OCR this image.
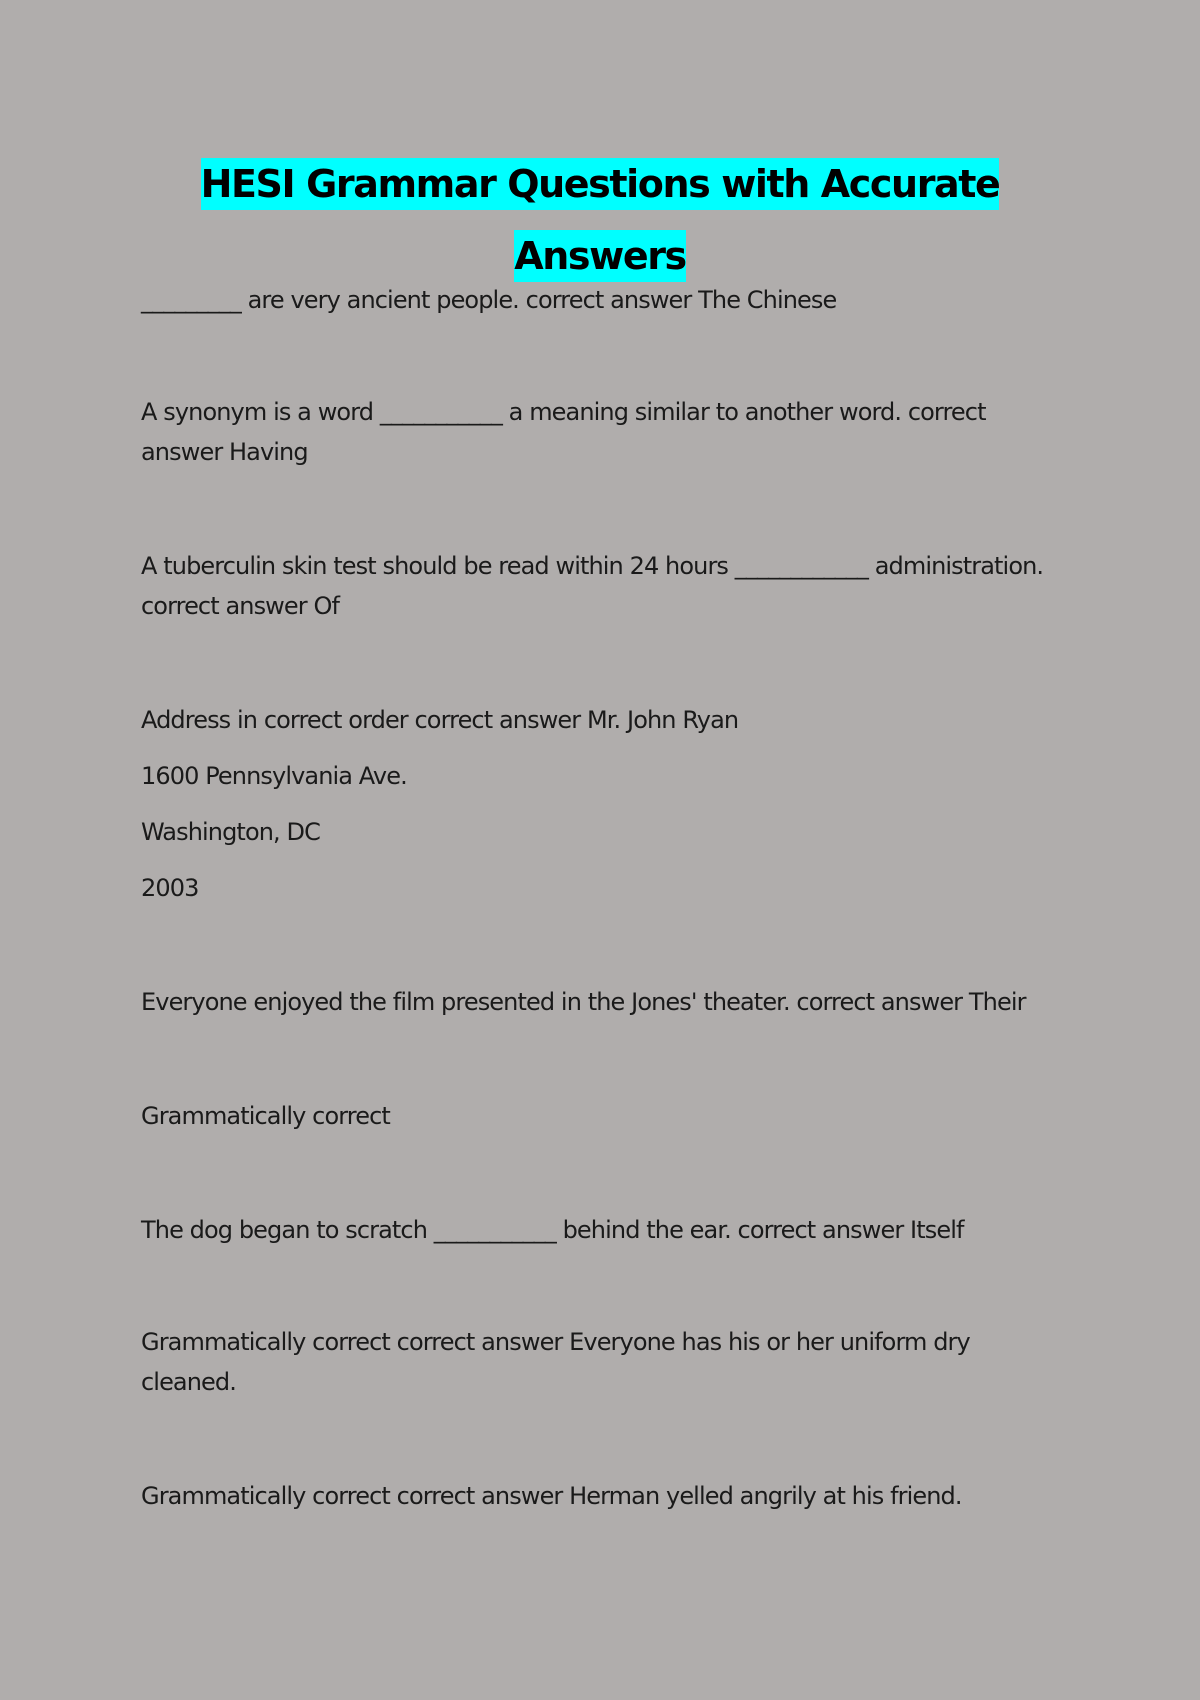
HESI Grammar Questions with Accurate Answers

_________ are very ancient people. correct answer The Chinese

A synonym is a word ___________ a meaning similar to another word. correct answer Having

A tuberculin skin test should be read within 24 hours ____________ administration. correct answer Of

Address in correct order correct answer Mr. John Ryan

1600 Pennsylvania Ave.

Washington, DC

2003

Everyone enjoyed the film presented in the Jones' theater. correct answer Their

Grammatically correct

The dog began to scratch ___________ behind the ear. correct answer Itself

Grammatically correct correct answer Everyone has his or her uniform dry cleaned.

Grammatically correct correct answer Herman yelled angrily at his friend.
